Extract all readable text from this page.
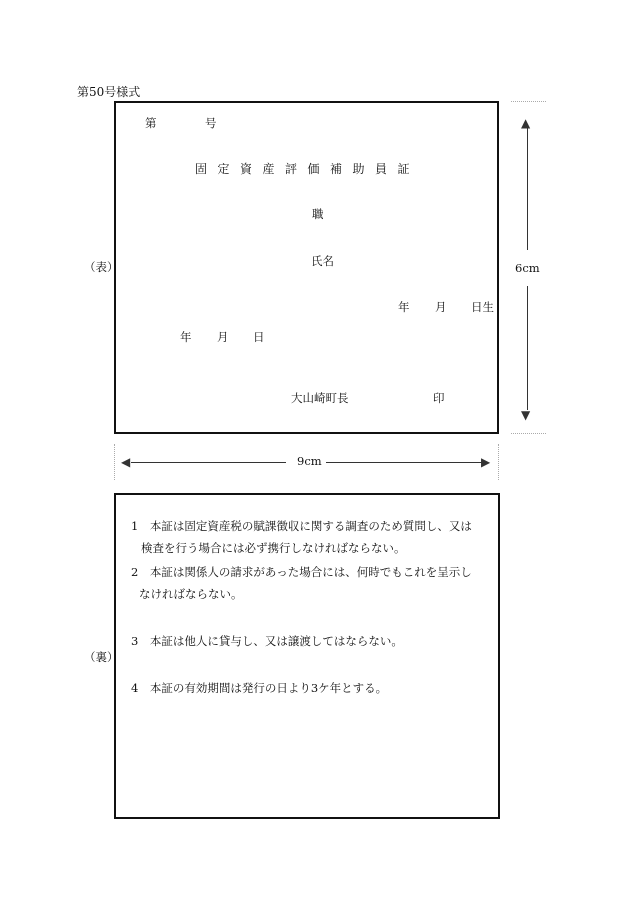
第50号様式
（表）
（裏）
第	号
固定資産評価補助員証
職
氏名
年 月 日生
年 月 日
大山崎町長	印
▲
6cm
▼
◀	9cm	▶
1　本証は固定資産税の賦課徴収に関する調査のため質問し、又は
検査を行う場合には必ず携行しなければならない。
2　本証は関係人の請求があった場合には、何時でもこれを呈示し
なければならない。
3　本証は他人に貸与し、又は譲渡してはならない。
4　本証の有効期間は発行の日より3ケ年とする。
